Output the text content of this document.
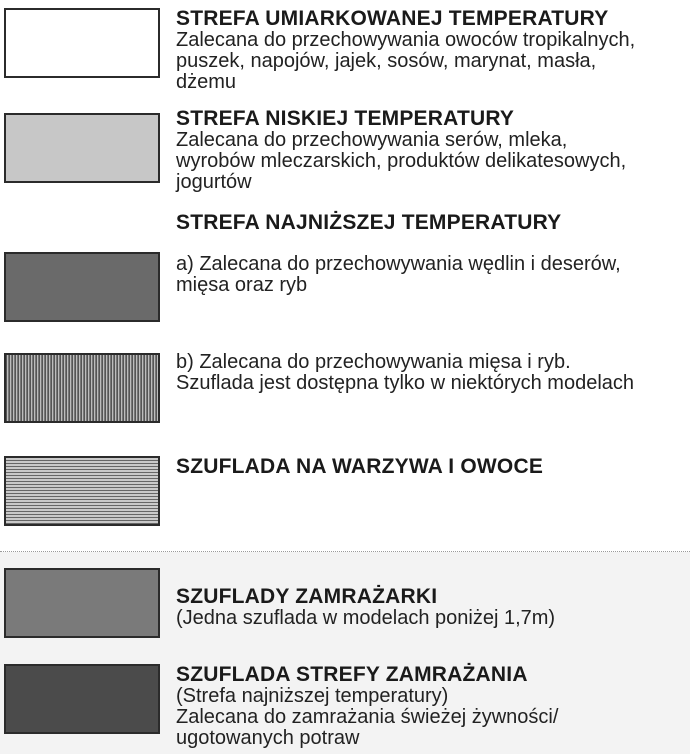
STREFA UMIARKOWANEJ TEMPERATURY
Zalecana do przechowywania owoców tropikalnych,
puszek, napojów, jajek, sosów, marynat, masła,
dżemu
STREFA NISKIEJ TEMPERATURY
Zalecana do przechowywania serów, mleka,
wyrobów mleczarskich, produktów delikatesowych,
jogurtów
STREFA NAJNIŻSZEJ TEMPERATURY
a) Zalecana do przechowywania wędlin i deserów,
mięsa oraz ryb
b) Zalecana do przechowywania mięsa i ryb.
Szuflada jest dostępna tylko w niektórych modelach
SZUFLADA NA WARZYWA I OWOCE
SZUFLADY ZAMRAŻARKI
(Jedna szuflada w modelach poniżej 1,7m)
SZUFLADA STREFY ZAMRAŻANIA
(Strefa najniższej temperatury)
Zalecana do zamrażania świeżej żywności/
ugotowanych potraw
